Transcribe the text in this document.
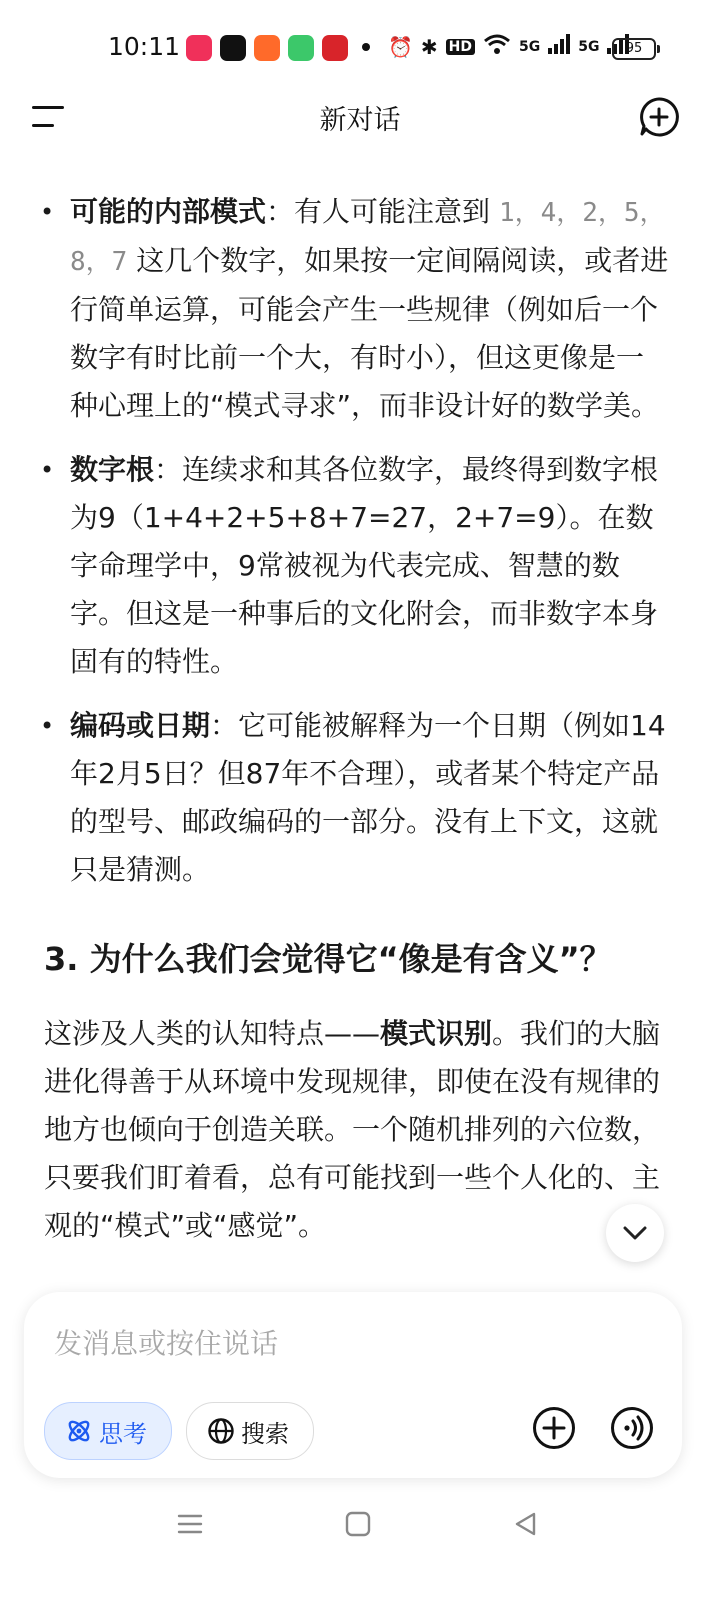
10:11	⏰ ✱ HD	5G	5G	95
新对话
• 可能的内部模式：有人可能注意到 1，4，2，5，8，7 这几个数字，如果按一定间隔阅读，或者进行简单运算，可能会产生一些规律（例如后一个数字有时比前一个大，有时小），但这更像是一种心理上的“模式寻求”，而非设计好的数学美。
• 数字根：连续求和其各位数字，最终得到数字根为9（1+4+2+5+8+7=27，2+7=9）。在数字命理学中，9常被视为代表完成、智慧的数字。但这是一种事后的文化附会，而非数字本身固有的特性。
• 编码或日期：它可能被解释为一个日期（例如14年2月5日？但87年不合理），或者某个特定产品的型号、邮政编码的一部分。没有上下文，这就只是猜测。
3. 为什么我们会觉得它“像是有含义”？

这涉及人类的认知特点——模式识别。我们的大脑进化得善于从环境中发现规律，即使在没有规律的地方也倾向于创造关联。一个随机排列的六位数，只要我们盯着看，总有可能找到一些个人化的、主观的“模式”或“感觉”。

发消息或按住说话
思考	搜索
